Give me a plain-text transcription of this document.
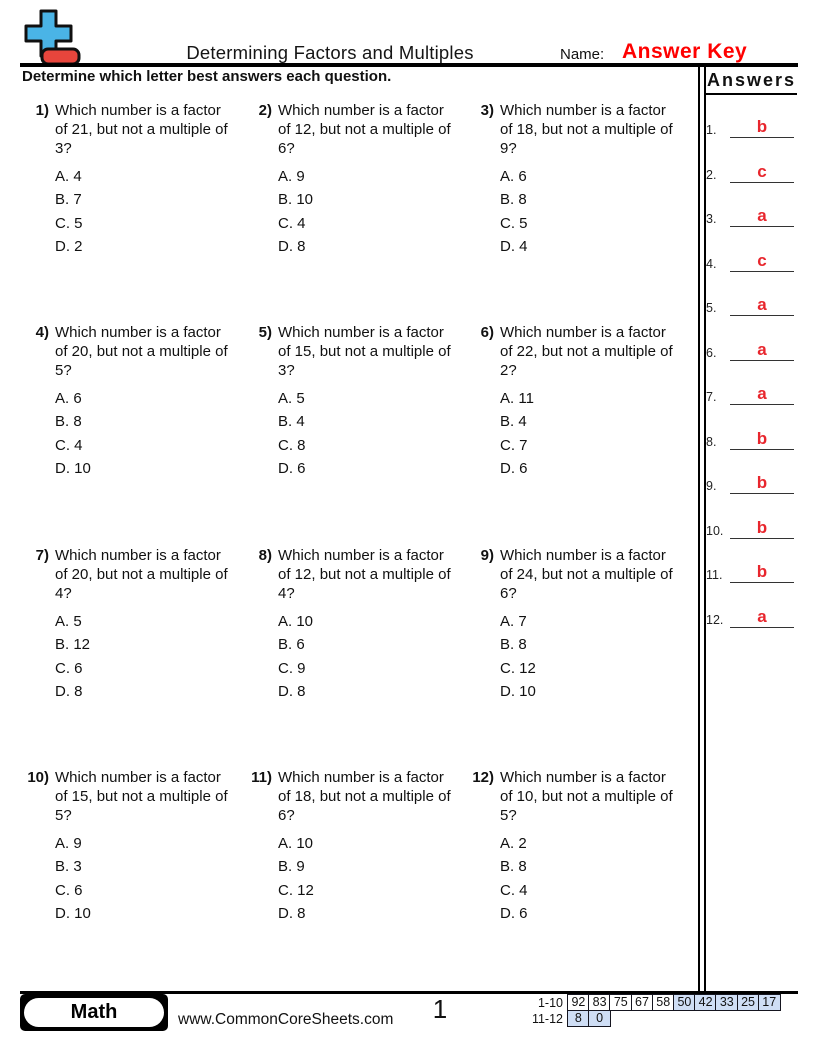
Determining Factors and Multiples	Name: Answer Key
Determine which letter best answers each question.	Answers
1.	b
2.	c
3.	a
4.	c
5.	a
6.	a
7.	a
8.	b
9.	b
10.	b
11.	b
12.	a
1) Which number is a factor of 21, but not a multiple of 3?
A. 4
B. 7
C. 5
D. 2
2) Which number is a factor of 12, but not a multiple of 6?
A. 9
B. 10
C. 4
D. 8
3) Which number is a factor of 18, but not a multiple of 9?
A. 6
B. 8
C. 5
D. 4
4) Which number is a factor of 20, but not a multiple of 5?
A. 6
B. 8
C. 4
D. 10
5) Which number is a factor of 15, but not a multiple of 3?
A. 5
B. 4
C. 8
D. 6
6) Which number is a factor of 22, but not a multiple of 2?
A. 11
B. 4
C. 7
D. 6
7) Which number is a factor of 20, but not a multiple of 4?
A. 5
B. 12
C. 6
D. 8
8) Which number is a factor of 12, but not a multiple of 4?
A. 10
B. 6
C. 9
D. 8
9) Which number is a factor of 24, but not a multiple of 6?
A. 7
B. 8
C. 12
D. 10
10) Which number is a factor of 15, but not a multiple of 5?
A. 9
B. 3
C. 6
D. 10
11) Which number is a factor of 18, but not a multiple of 6?
A. 10
B. 9
C. 12
D. 8
12) Which number is a factor of 10, but not a multiple of 5?
A. 2
B. 8
C. 4
D. 6
Math	www.CommonCoreSheets.com	1	1-10 92 83 75 67 58 50 42 33 25 17
11-12 8	0
